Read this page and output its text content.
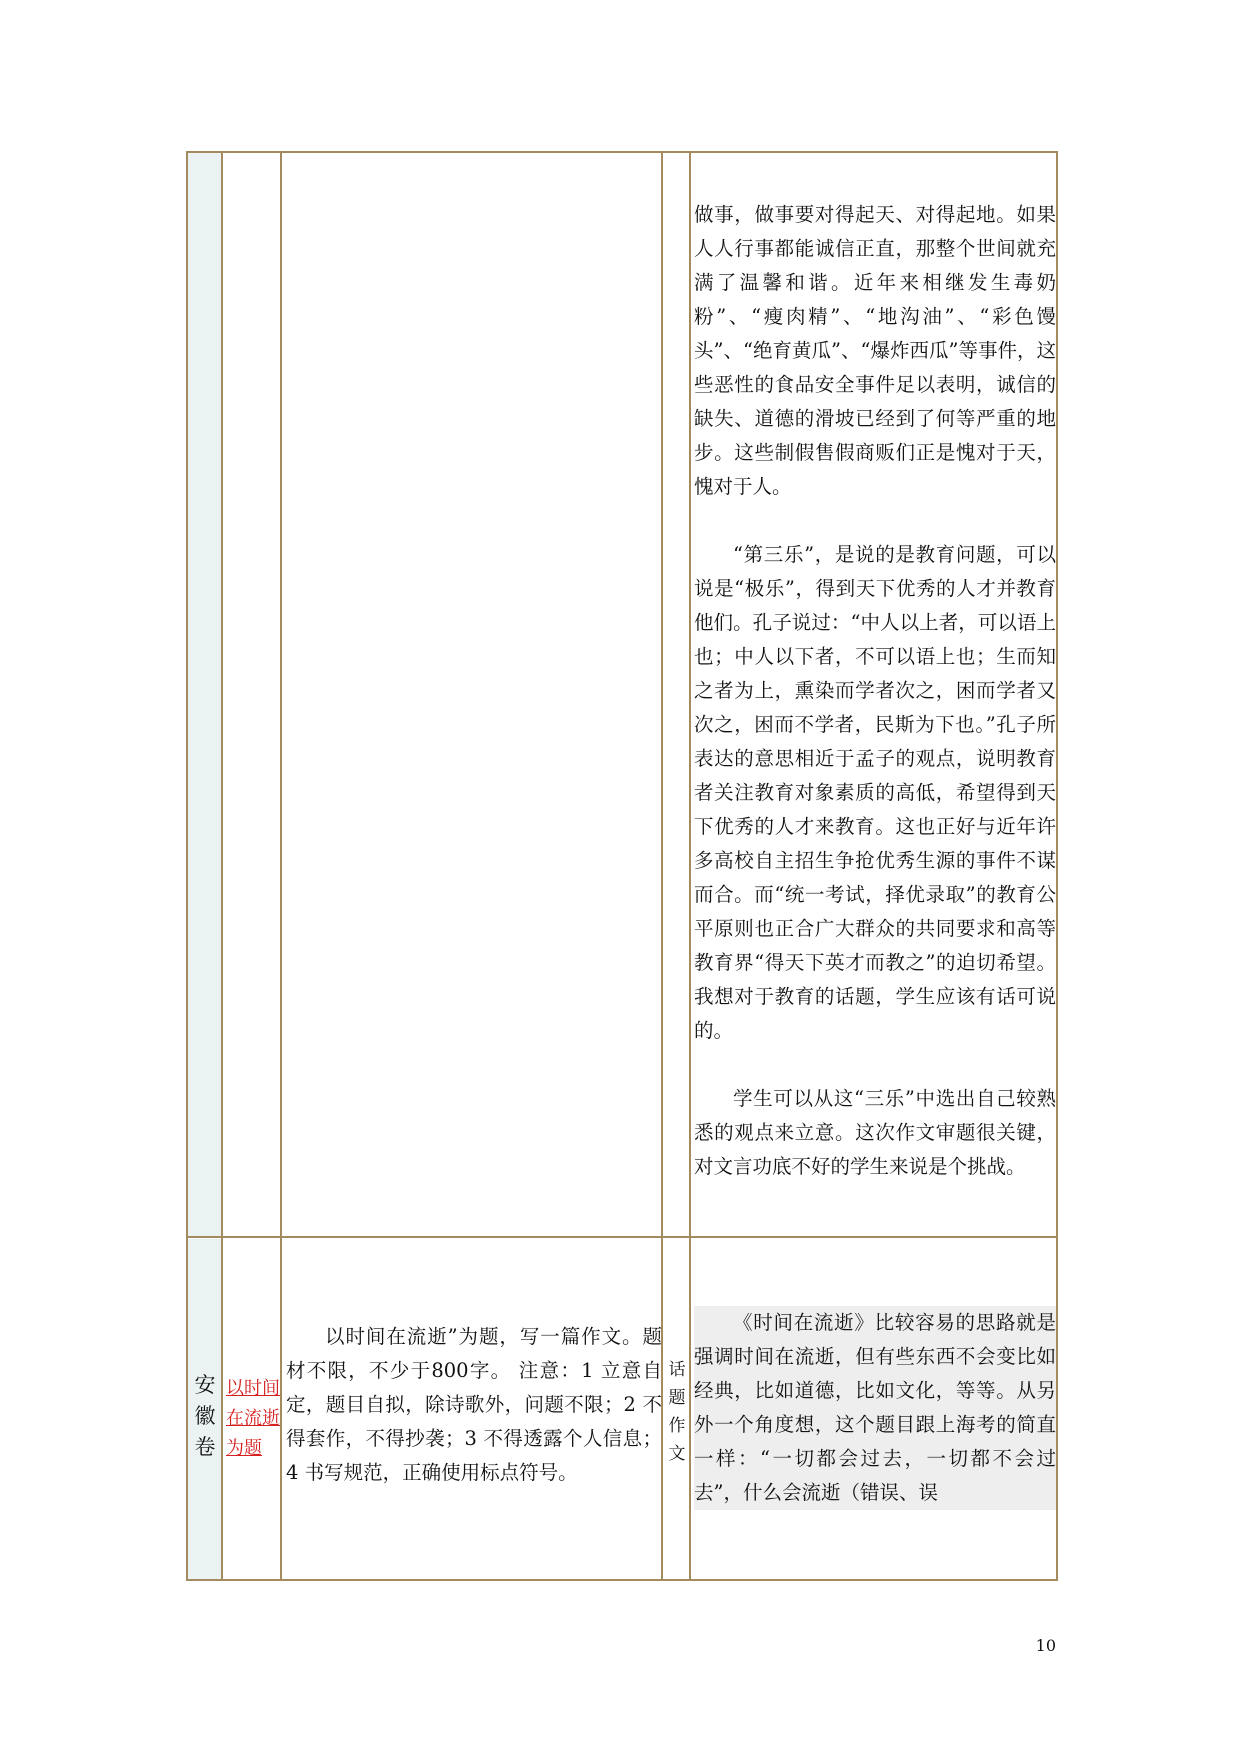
做事，做事要对得起天、对得起地。如果人人行事都能诚信正直，那整个世间就充满了温馨和谐。近年来相继发生毒奶粉”、“瘦肉精”、“地沟油”、“彩色馒头”、“绝育黄瓜”、“爆炸西瓜”等事件，这些恶性的食品安全事件足以表明，诚信的缺失、道德的滑坡已经到了何等严重的地步。这些制假售假商贩们正是愧对于天，愧对于人。

“第三乐”，是说的是教育问题，可以说是“极乐”，得到天下优秀的人才并教育他们。孔子说过：“中人以上者，可以语上也；中人以下者，不可以语上也；生而知之者为上，熏染而学者次之，困而学者又次之，困而不学者，民斯为下也。”孔子所表达的意思相近于孟子的观点，说明教育者关注教育对象素质的高低，希望得到天下优秀的人才来教育。这也正好与近年许多高校自主招生争抢优秀生源的事件不谋而合。而“统一考试，择优录取”的教育公平原则也正合广大群众的共同要求和高等教育界“得天下英才而教之”的迫切希望。我想对于教育的话题，学生应该有话可说的。

学生可以从这“三乐”中选出自己较熟悉的观点来立意。这次作文审题很关键，对文言功底不好的学生来说是个挑战。

安徽卷
以时间在流逝为题
以时间在流逝”为题，写一篇作文。题材不限，不少于800字。 注意：1 立意自定，题目自拟，除诗歌外，问题不限；2 不得套作，不得抄袭；3 不得透露个人信息；4 书写规范，正确使用标点符号。
话题作文
《时间在流逝》比较容易的思路就是强调时间在流逝，但有些东西不会变比如经典，比如道德，比如文化，等等。从另外一个角度想，这个题目跟上海考的简直一样：“一切都会过去，一切都不会过去”，什么会流逝（错误、误
10
